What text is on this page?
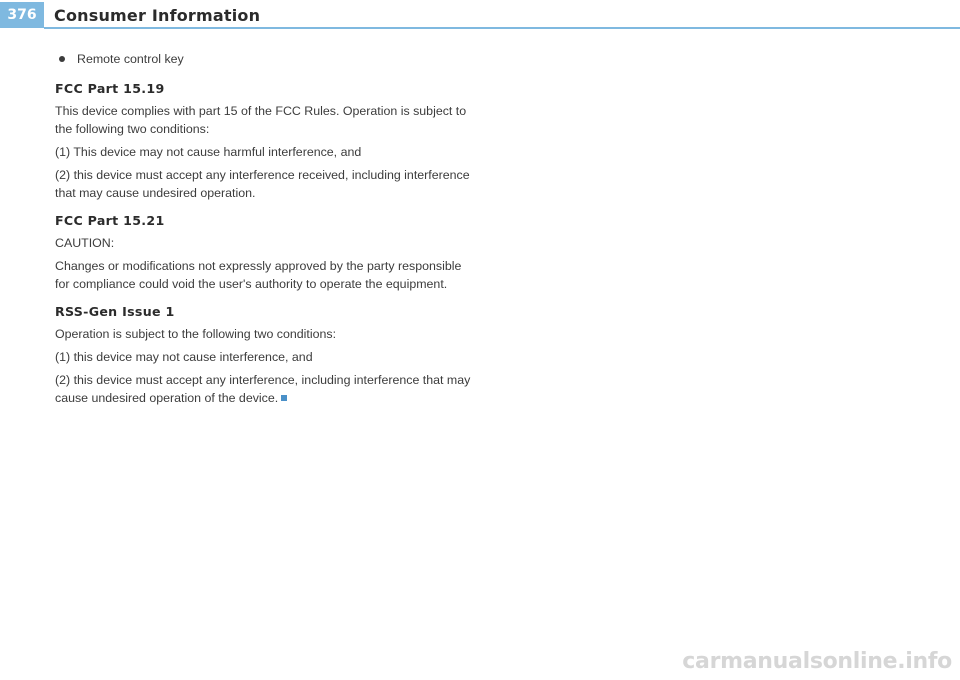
376	Consumer Information
Remote control key
FCC Part 15.19

This device complies with part 15 of the FCC Rules. Operation is subject to the following two conditions:

(1) This device may not cause harmful interference, and

(2) this device must accept any interference received, including interference that may cause undesired operation.

FCC Part 15.21

CAUTION:

Changes or modifications not expressly approved by the party responsible for compliance could void the user's authority to operate the equipment.

RSS-Gen Issue 1

Operation is subject to the following two conditions:

(1) this device may not cause interference, and

(2) this device must accept any interference, including interference that may cause undesired operation of the device.

carmanualsonline.info
